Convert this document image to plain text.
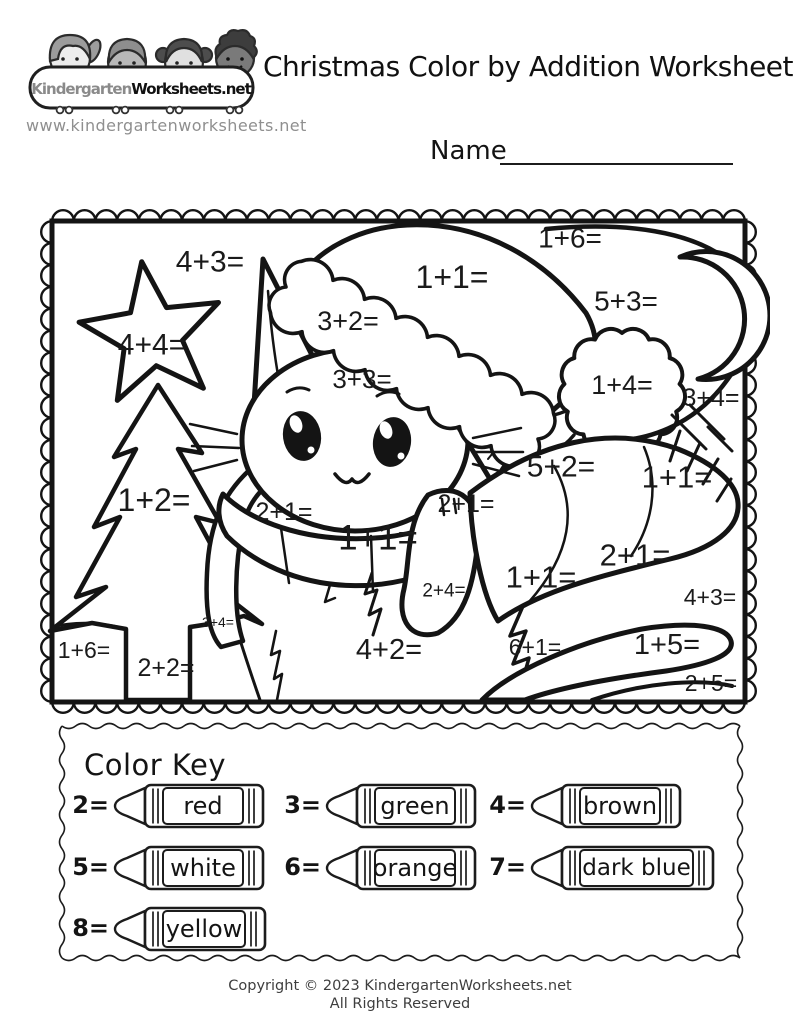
KindergartenWorksheets.net
www.kindergartenworksheets.net
Christmas Color by Addition Worksheet
Name
4+3=
4+4=
3+2=
3+3=
1+1=
1+6=
5+3=
1+4= 3+4=
1+2=	2+1=
1+1=
2+1=
5+2= 1+1=
2+1=
1+1=
2+4=	4+3=
1+5=
2+5=
6+1=
4+2=
3+4=
2+2=
1+6=
Color Key
2=	red	3= green 4= brown
5=	white 6= orange 7= dark blue
8= yellow
Copyright © 2023 KindergartenWorksheets.net
All Rights Reserved
